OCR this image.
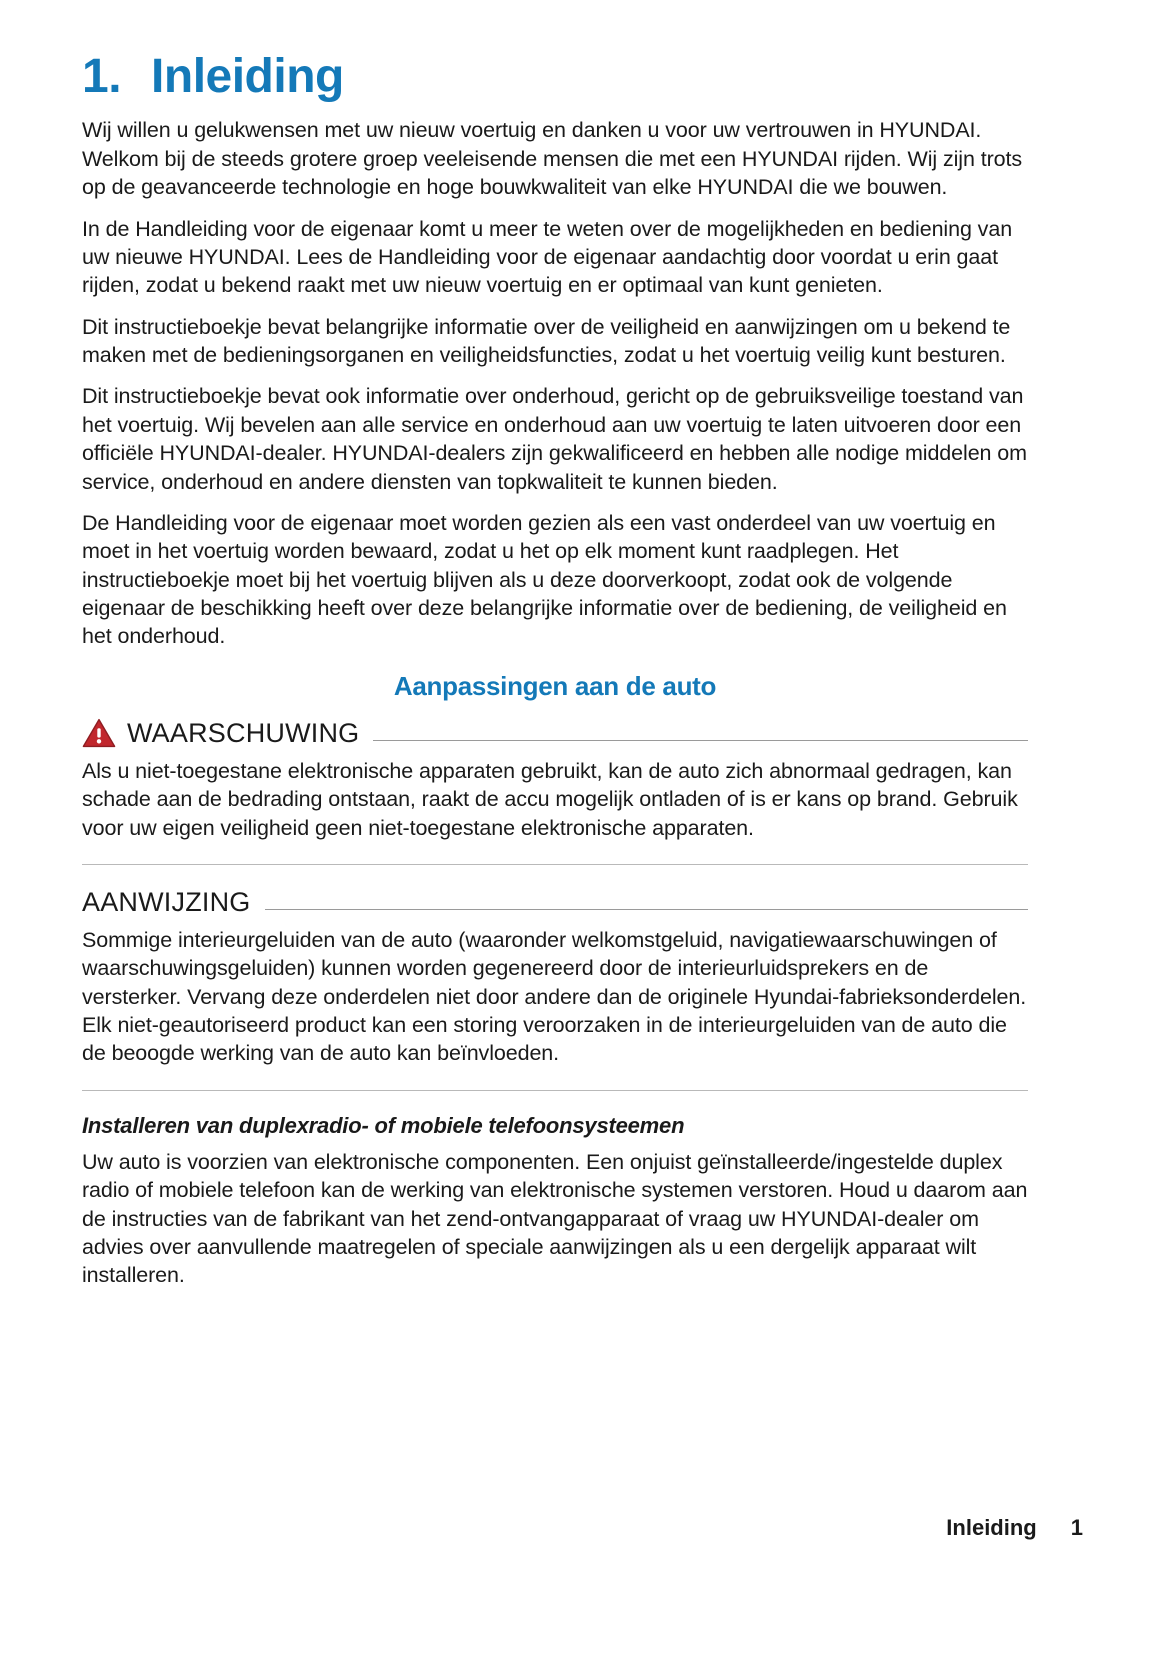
1. Inleiding

Wij willen u gelukwensen met uw nieuw voertuig en danken u voor uw vertrouwen in HYUNDAI. Welkom bij de steeds grotere groep veeleisende mensen die met een HYUNDAI rijden. Wij zijn trots op de geavanceerde technologie en hoge bouwkwaliteit van elke HYUNDAI die we bouwen.

In de Handleiding voor de eigenaar komt u meer te weten over de mogelijkheden en bediening van uw nieuwe HYUNDAI. Lees de Handleiding voor de eigenaar aandachtig door voordat u erin gaat rijden, zodat u bekend raakt met uw nieuw voertuig en er optimaal van kunt genieten.

Dit instructieboekje bevat belangrijke informatie over de veiligheid en aanwijzingen om u bekend te maken met de bedieningsorganen en veiligheidsfuncties, zodat u het voertuig veilig kunt besturen.

Dit instructieboekje bevat ook informatie over onderhoud, gericht op de gebruiksveilige toestand van het voertuig. Wij bevelen aan alle service en onderhoud aan uw voertuig te laten uitvoeren door een officiële HYUNDAI-dealer. HYUNDAI-dealers zijn gekwalificeerd en hebben alle nodige middelen om service, onderhoud en andere diensten van topkwaliteit te kunnen bieden.

De Handleiding voor de eigenaar moet worden gezien als een vast onderdeel van uw voertuig en moet in het voertuig worden bewaard, zodat u het op elk moment kunt raadplegen. Het instructieboekje moet bij het voertuig blijven als u deze doorverkoopt, zodat ook de volgende eigenaar de beschikking heeft over deze belangrijke informatie over de bediening, de veiligheid en het onderhoud.

Aanpassingen aan de auto
WAARSCHUWING

Als u niet-toegestane elektronische apparaten gebruikt, kan de auto zich abnormaal gedragen, kan schade aan de bedrading ontstaan, raakt de accu mogelijk ontladen of is er kans op brand. Gebruik voor uw eigen veiligheid geen niet-toegestane elektronische apparaten.

AANWIJZING

Sommige interieurgeluiden van de auto (waaronder welkomstgeluid, navigatiewaarschuwingen of waarschuwingsgeluiden) kunnen worden gegenereerd door de interieurluidsprekers en de versterker. Vervang deze onderdelen niet door andere dan de originele Hyundai-fabrieksonderdelen. Elk niet-geautoriseerd product kan een storing veroorzaken in de interieurgeluiden van de auto die de beoogde werking van de auto kan beïnvloeden.

Installeren van duplexradio- of mobiele telefoonsysteemen

Uw auto is voorzien van elektronische componenten. Een onjuist geïnstalleerde/ingestelde duplex radio of mobiele telefoon kan de werking van elektronische systemen verstoren. Houd u daarom aan de instructies van de fabrikant van het zend-ontvangapparaat of vraag uw HYUNDAI-dealer om advies over aanvullende maatregelen of speciale aanwijzingen als u een dergelijk apparaat wilt installeren.

Inleiding 1
